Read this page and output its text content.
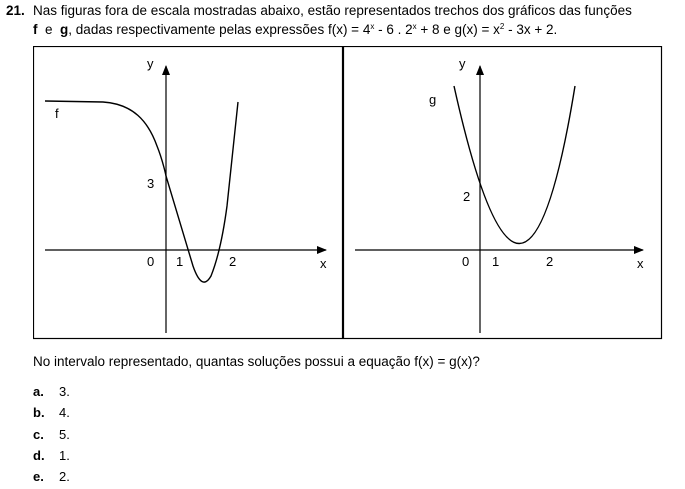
21. Nas figuras fora de escala mostradas abaixo, estão representados trechos dos gráficos das funções
f e g, dadas respectivamente pelas expressões $f(x) = 4^x - 6$ . $2^x + 8$ e $g(x) = x^2 - 3x + 2$.
f
y
x
0 1	2
3
g
y
x
0 1	2
2
No intervalo representado, quantas soluções possui a equação f(x) = g(x)?
a. 3.
b. 4.
c. 5.
d. 1.
e. 2.
